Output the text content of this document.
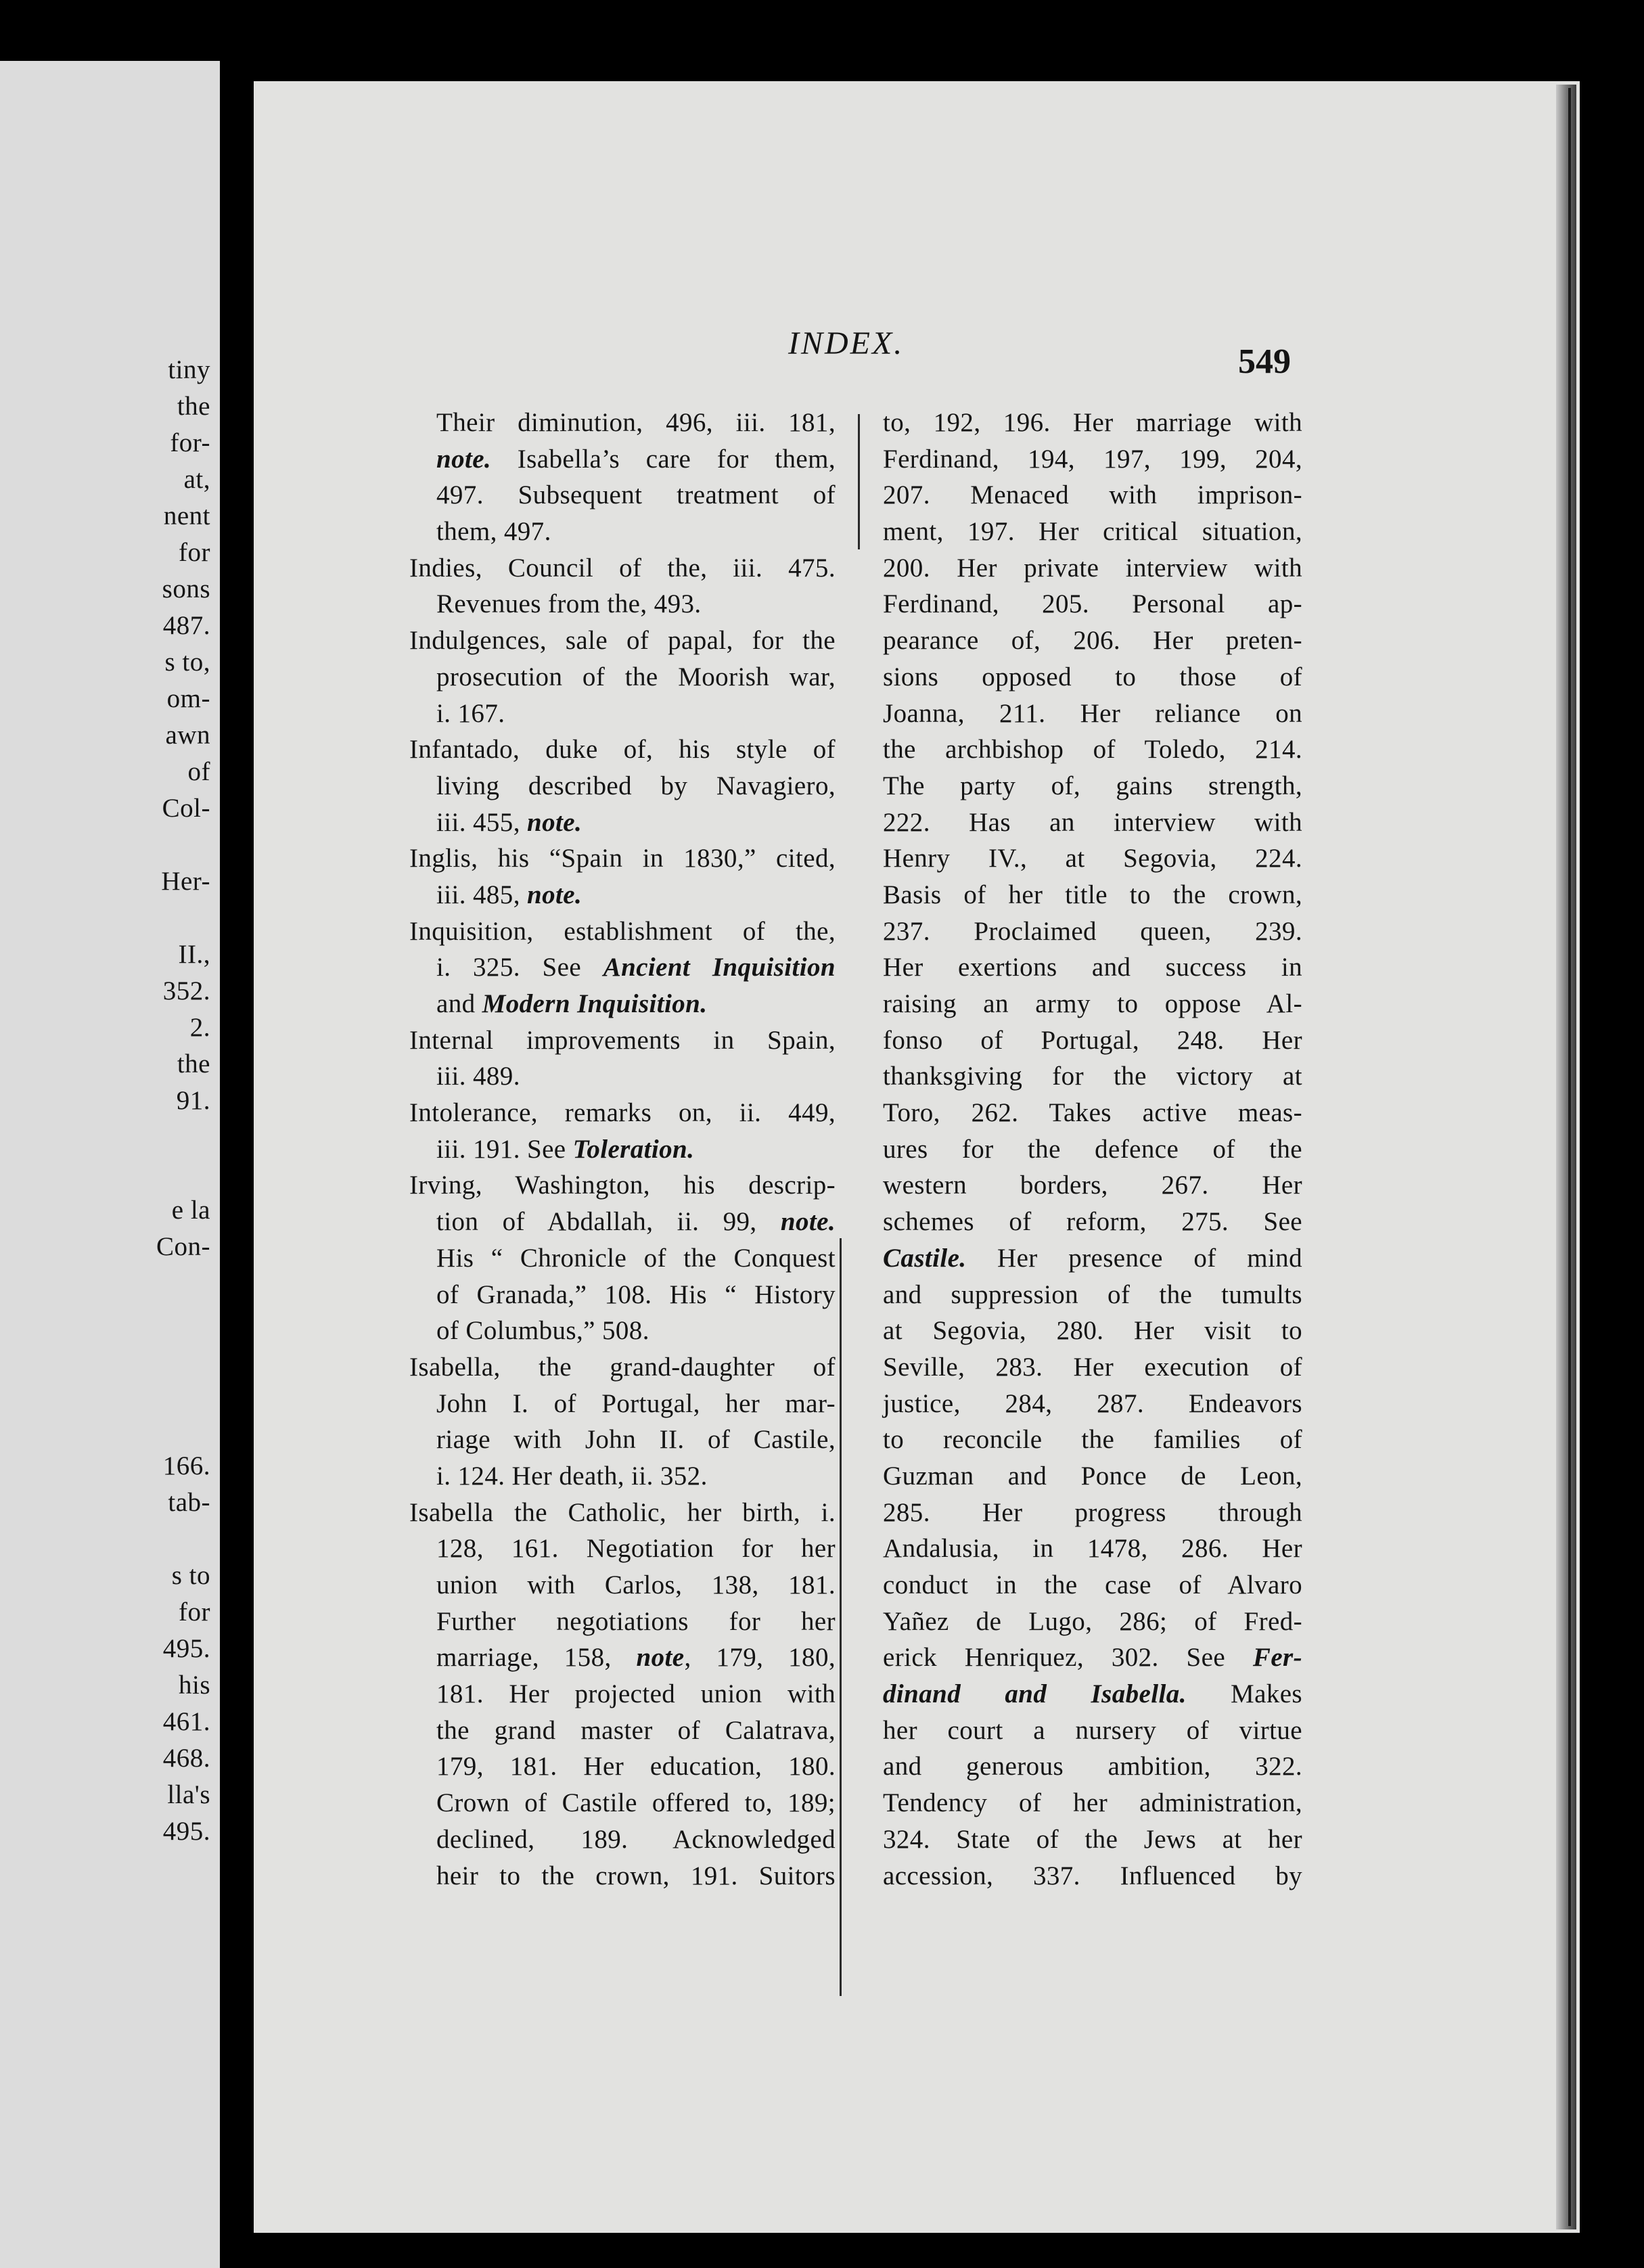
tiny
the
for-
at,
nent
for
sons
487.
s to,
om-
awn
of
Col-
Her-
II.,
352.
2.
the
91.
e la
Con-
166.
tab-
s to
for
495.
his
461.
468.
lla's
495.
INDEX.	549
Their diminution, 496, iii. 181,
note. Isabella’s care for them,
497. Subsequent treatment of
them, 497.
Indies, Council of the, iii. 475.
Revenues from the, 493.
Indulgences, sale of papal, for the
prosecution of the Moorish war,
i. 167.
Infantado, duke of, his style of
living described by Navagiero,
iii. 455, note.
Inglis, his “Spain in 1830,” cited,
iii. 485, note.
Inquisition, establishment of the,
i. 325. See Ancient Inquisition
and Modern Inquisition.
Internal improvements in Spain,
iii. 489.
Intolerance, remarks on, ii. 449,
iii. 191. See Toleration.
Irving, Washington, his descrip-
tion of Abdallah, ii. 99, note.
His “ Chronicle of the Conquest
of Granada,” 108. His “ History
of Columbus,” 508.
Isabella, the grand-daughter of
John I. of Portugal, her mar-
riage with John II. of Castile,
i. 124. Her death, ii. 352.
Isabella the Catholic, her birth, i.
128, 161. Negotiation for her
union with Carlos, 138, 181.
Further negotiations for her
marriage, 158, note, 179, 180,
181. Her projected union with
the grand master of Calatrava,
179, 181. Her education, 180.
Crown of Castile offered to, 189;
declined, 189. Acknowledged
heir to the crown, 191. Suitors
to, 192, 196. Her marriage with
Ferdinand, 194, 197, 199, 204,
207. Menaced with imprison-
ment, 197. Her critical situation,
200. Her private interview with
Ferdinand, 205. Personal ap-
pearance of, 206. Her preten-
sions opposed to those of
Joanna, 211. Her reliance on
the archbishop of Toledo, 214.
The party of, gains strength,
222. Has an interview with
Henry IV., at Segovia, 224.
Basis of her title to the crown,
237. Proclaimed queen, 239.
Her exertions and success in
raising an army to oppose Al-
fonso of Portugal, 248. Her
thanksgiving for the victory at
Toro, 262. Takes active meas-
ures for the defence of the
western borders, 267. Her
schemes of reform, 275. See
Castile. Her presence of mind
and suppression of the tumults
at Segovia, 280. Her visit to
Seville, 283. Her execution of
justice, 284, 287. Endeavors
to reconcile the families of
Guzman and Ponce de Leon,
285. Her progress through
Andalusia, in 1478, 286. Her
conduct in the case of Alvaro
Yañez de Lugo, 286; of Fred-
erick Henriquez, 302. See Fer-
dinand and Isabella. Makes
her court a nursery of virtue
and generous ambition, 322.
Tendency of her administration,
324. State of the Jews at her
accession, 337. Influenced by
